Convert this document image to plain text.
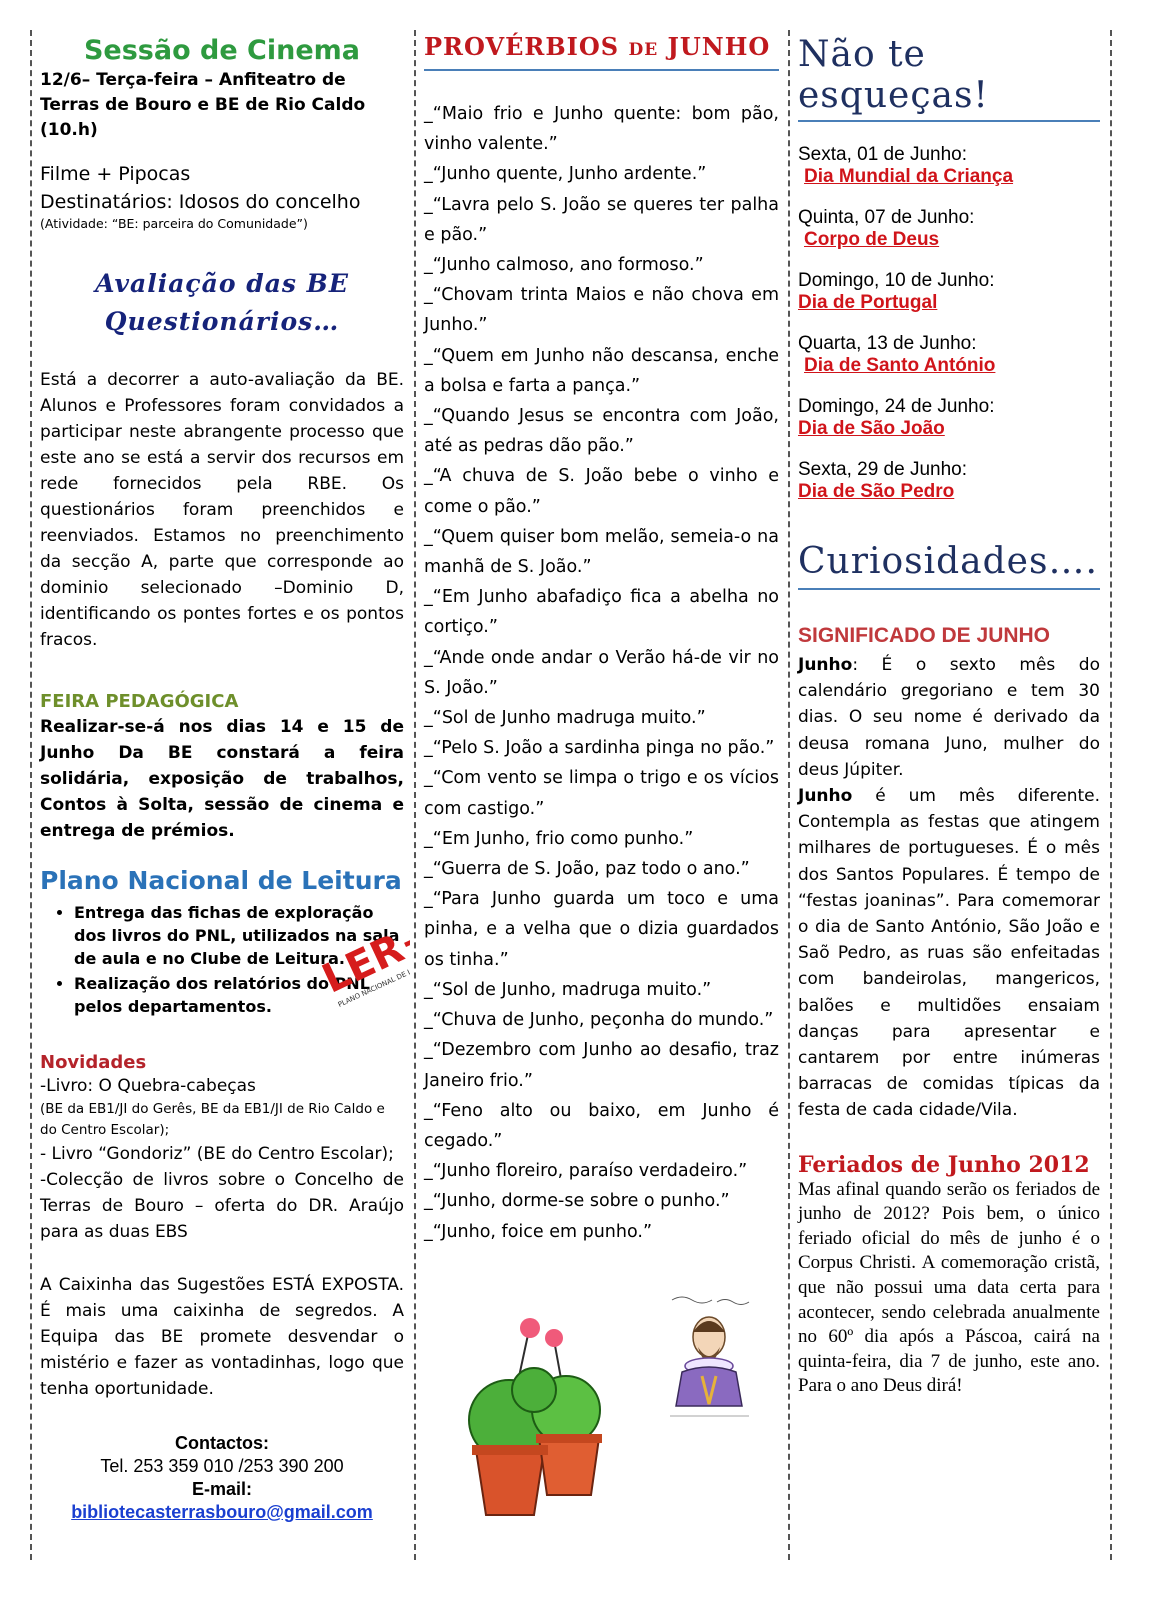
Sessão de Cinema

12/6– Terça-feira – Anfiteatro de Terras de Bouro e BE de Rio Caldo (10.h)

Filme + Pipocas

Destinatários: Idosos do concelho

(Atividade: “BE: parceira do Comunidade”)

Avaliação das BE
Questionários…

Está a decorrer a auto-avaliação da BE. Alunos e Professores foram convidados a participar neste abrangente processo que este ano se está a servir dos recursos em rede fornecidos pela RBE. Os questionários foram preenchidos e reenviados. Estamos no preenchimento da secção A, parte que corresponde ao dominio selecionado –Dominio D, identificando os pontes fortes e os pontos fracos.

FEIRA PEDAGÓGICA

Realizar-se-á nos dias 14 e 15 de Junho Da BE constará a feira solidária, exposição de trabalhos, Contos à Solta, sessão de cinema e entrega de prémios.

Plano Nacional de Leitura

• Entrega das fichas de exploração dos livros do PNL, utilizados na sala de aula e no Clube de Leitura.
• Realização dos relatórios do PNL pelos departamentos.
LER+
PLANO NACIONAL DE LEITURA

Novidades

-Livro: O Quebra-cabeças

(BE da EB1/JI do Gerês, BE da EB1/JI de Rio Caldo e do Centro Escolar);

- Livro “Gondoriz” (BE do Centro Escolar);

-Colecção de livros sobre o Concelho de Terras de Bouro – oferta do DR. Araújo para as duas EBS

A Caixinha das Sugestões ESTÁ EXPOSTA. É mais uma caixinha de segredos. A Equipa das BE promete desvendar o mistério e fazer as vontadinhas, logo que tenha oportunidade.

Contactos:
Tel. 253 359 010 /253 390 200
E-mail:
bibliotecasterrasbouro@gmail.com
PROVÉRBIOS DE JUNHO

_“Maio frio e Junho quente: bom pão, vinho valente.”

_“Junho quente, Junho ardente.”

_“Lavra pelo S. João se queres ter palha e pão.”

_“Junho calmoso, ano formoso.”

_“Chovam trinta Maios e não chova em Junho.”

_“Quem em Junho não descansa, enche a bolsa e farta a pança.”

_“Quando Jesus se encontra com João, até as pedras dão pão.”

_“A chuva de S. João bebe o vinho e come o pão.”

_“Quem quiser bom melão, semeia-o na manhã de S. João.”

_“Em Junho abafadiço fica a abelha no cortiço.”

_“Ande onde andar o Verão há-de vir no S. João.”

_“Sol de Junho madruga muito.”

_“Pelo S. João a sardinha pinga no pão.”

_“Com vento se limpa o trigo e os vícios com castigo.”

_“Em Junho, frio como punho.”

_“Guerra de S. João, paz todo o ano.”

_“Para Junho guarda um toco e uma pinha, e a velha que o dizia guardados os tinha.”

_“Sol de Junho, madruga muito.”

_“Chuva de Junho, peçonha do mundo.”

_“Dezembro com Junho ao desafio, traz Janeiro frio.”

_“Feno alto ou baixo, em Junho é cegado.”

_“Junho floreiro, paraíso verdadeiro.”

_“Junho, dorme-se sobre o punho.”

_“Junho, foice em punho.”

Não te esqueças!
Sexta, 01 de Junho:
Dia Mundial da Criança
Quinta, 07 de Junho:
Corpo de Deus
Domingo, 10 de Junho:
Dia de Portugal
Quarta, 13 de Junho:
Dia de Santo António
Domingo, 24 de Junho:
Dia de São João
Sexta, 29 de Junho:
Dia de São Pedro
Curiosidades….

SIGNIFICADO DE JUNHO

Junho: É o sexto mês do calendário gregoriano e tem 30 dias. O seu nome é derivado da deusa romana Juno, mulher do deus Júpiter.

Junho é um mês diferente. Contempla as festas que atingem milhares de portugueses. É o mês dos Santos Populares. É tempo de “festas joaninas”. Para comemorar o dia de Santo António, São João e Saõ Pedro, as ruas são enfeitadas com bandeirolas, mangericos, balões e multidões ensaiam danças para apresentar e cantarem por entre inúmeras barracas de comidas típicas da festa de cada cidade/Vila.

Feriados de Junho 2012

Mas afinal quando serão os feriados de junho de 2012? Pois bem, o único feriado oficial do mês de junho é o Corpus Christi. A comemoração cristã, que não possui uma data certa para acontecer, sendo celebrada anualmente no 60º dia após a Páscoa, cairá na quinta-feira, dia 7 de junho, este ano. Para o ano Deus dirá!
